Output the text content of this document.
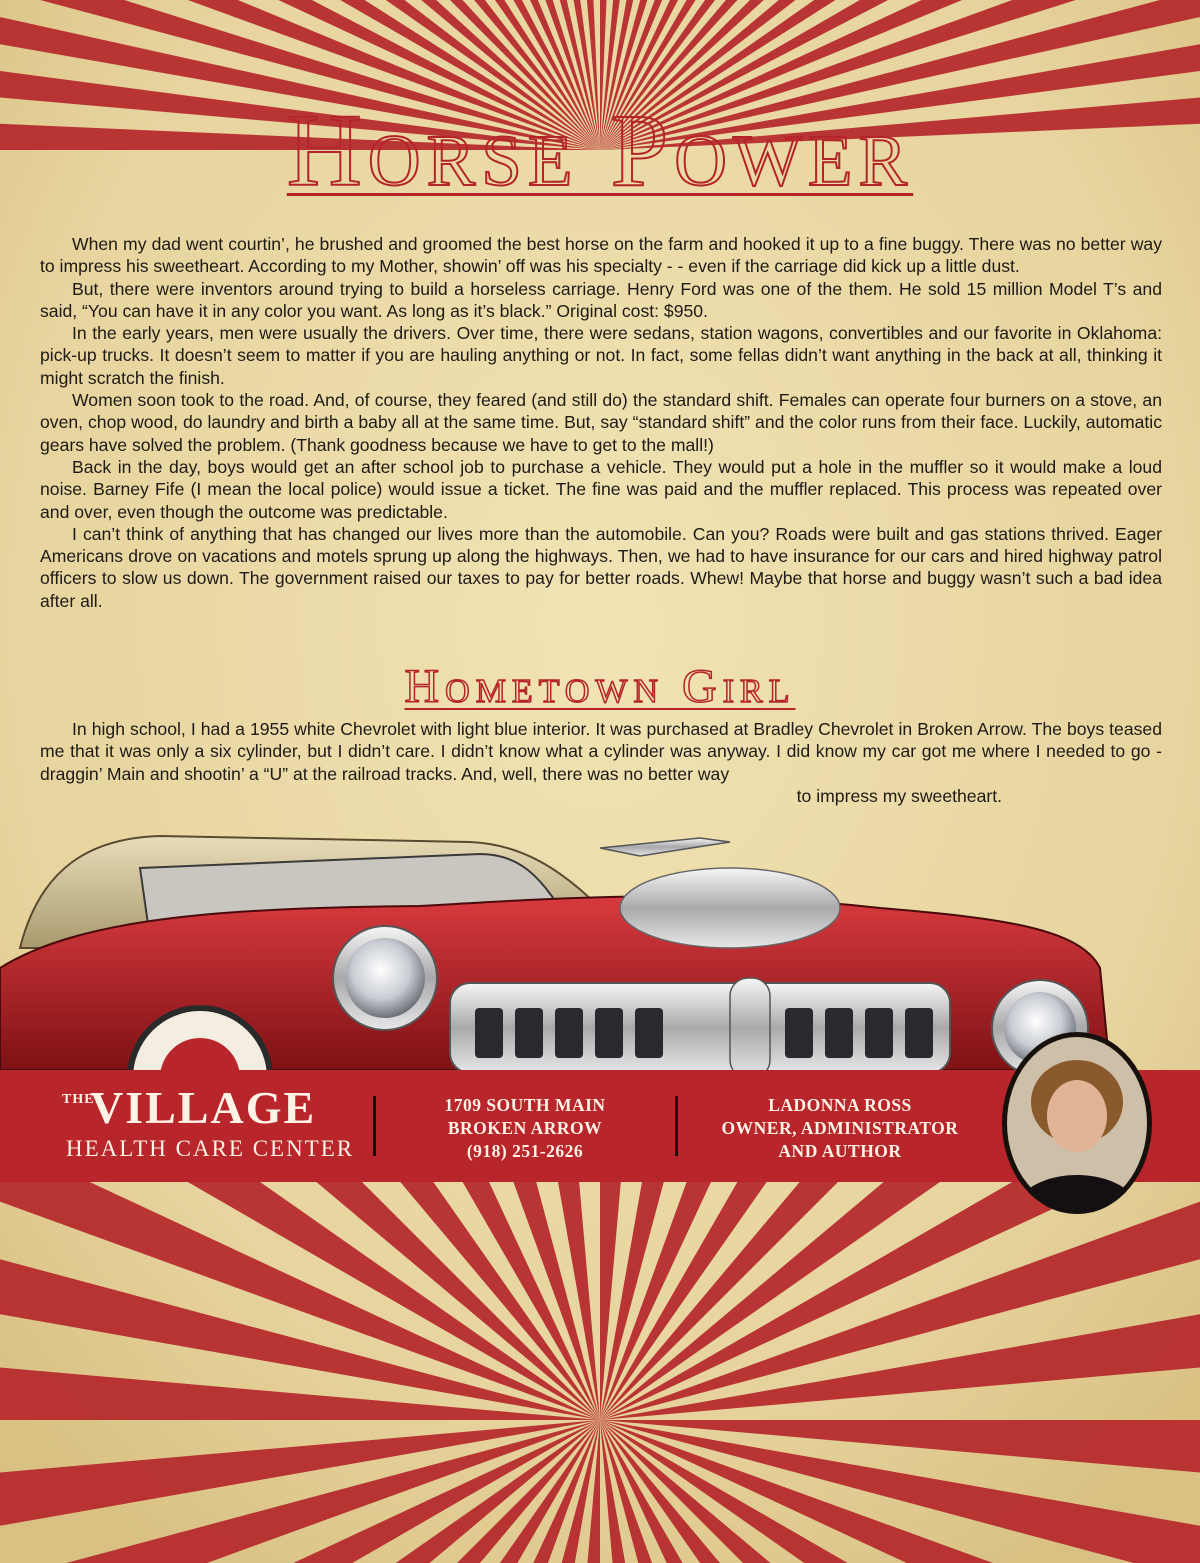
Horse Power

When my dad went courtin’, he brushed and groomed the best horse on the farm and hooked it up to a fine buggy. There was no better way to impress his sweetheart. According to my Mother, showin’ off was his specialty - - even if the carriage did kick up a little dust.

But, there were inventors around trying to build a horseless carriage. Henry Ford was one of the them. He sold 15 million Model T’s and said, “You can have it in any color you want. As long as it’s black.” Original cost: $950.

In the early years, men were usually the drivers. Over time, there were sedans, station wagons, convertibles and our favorite in Oklahoma: pick-up trucks. It doesn’t seem to matter if you are hauling anything or not. In fact, some fellas didn’t want anything in the back at all, thinking it might scratch the finish.

Women soon took to the road. And, of course, they feared (and still do) the standard shift. Females can operate four burners on a stove, an oven, chop wood, do laundry and birth a baby all at the same time. But, say “standard shift” and the color runs from their face. Luckily, automatic gears have solved the problem. (Thank goodness because we have to get to the mall!)

Back in the day, boys would get an after school job to purchase a vehicle. They would put a hole in the muffler so it would make a loud noise. Barney Fife (I mean the local police) would issue a ticket. The fine was paid and the muffler replaced. This process was repeated over and over, even though the outcome was predictable.

I can’t think of anything that has changed our lives more than the automobile. Can you? Roads were built and gas stations thrived. Eager Americans drove on vacations and motels sprung up along the highways. Then, we had to have insurance for our cars and hired highway patrol officers to slow us down. The government raised our taxes to pay for better roads. Whew! Maybe that horse and buggy wasn’t such a bad idea after all.

Hometown Girl

In high school, I had a 1955 white Chevrolet with light blue interior. It was purchased at Bradley Chevrolet in Broken Arrow. The boys teased me that it was only a six cylinder, but I didn’t care. I didn’t know what a cylinder was anyway. I did know my car got me where I needed to go - draggin’ Main and shootin’ a “U” at the railroad tracks. And, well, there was no better way

to impress my sweetheart.

THE
VILLAGE
HEALTH CARE CENTER
1709 SOUTH MAIN
BROKEN ARROW
(918) 251-2626
LADONNA ROSS
OWNER, ADMINISTRATOR
AND AUTHOR
